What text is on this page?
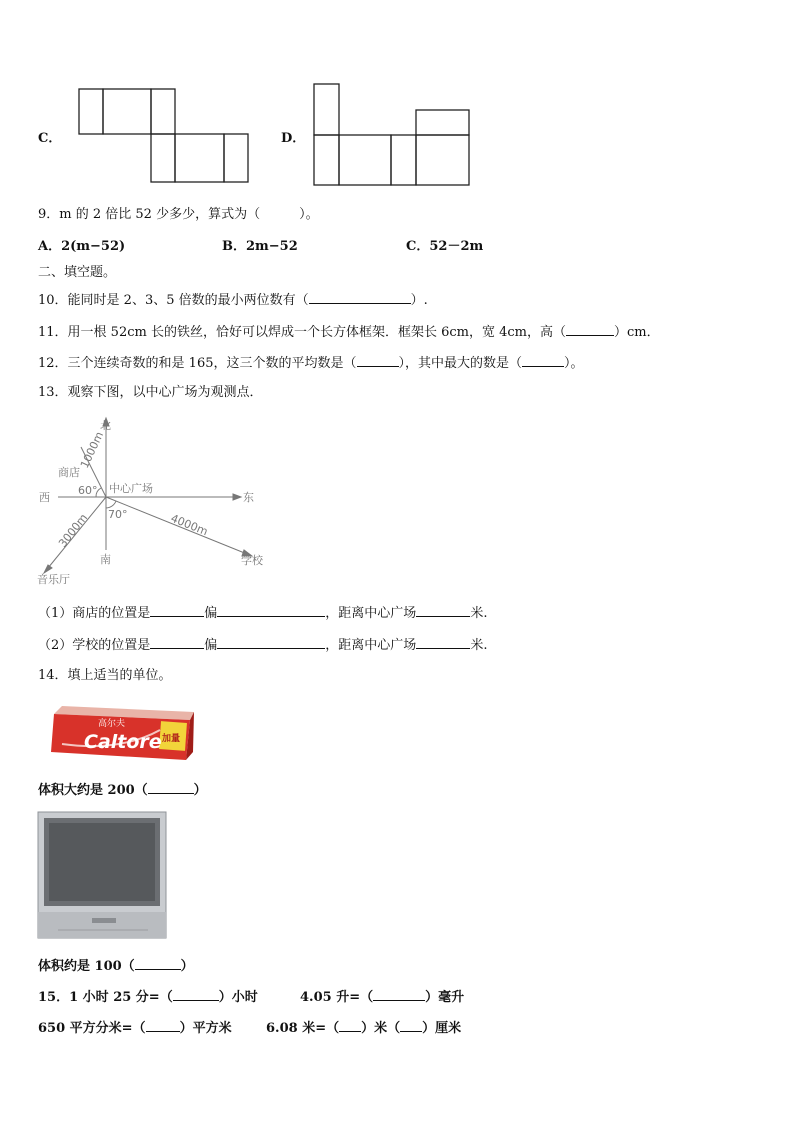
C．	D．
9．m 的 2 倍比 52 少多少，算式为（　　　）。
A．2(m−52)	B．2m−52	C．52－2m
二、填空题。
10．能同时是 2、3、5 倍数的最小两位数有（	）.
11．用一根 52cm 长的铁丝，恰好可以焊成一个长方体框架．框架长 6cm，宽 4cm，高（	）cm．
12．三个连续奇数的和是 165，这三个数的平均数是（	），其中最大的数是（	）。
13．观察下图，以中心广场为观测点．
北
南
西	东
中心广场
商店
学校
音乐厅
60°
70°
1000m
4000m
3000m
（1）商店的位置是	偏	，距离中心广场	米.
（2）学校的位置是	偏	，距离中心广场	米.
14．填上适当的单位。
Caltore
高尔夫
加量
体积大约是 200（	）
体积约是 100（	）
15．1 小时 25 分=（	）小时	4.05 升=（	）毫升
650 平方分米=（	）平方米	6.08 米=（ ）米（ ）厘米
